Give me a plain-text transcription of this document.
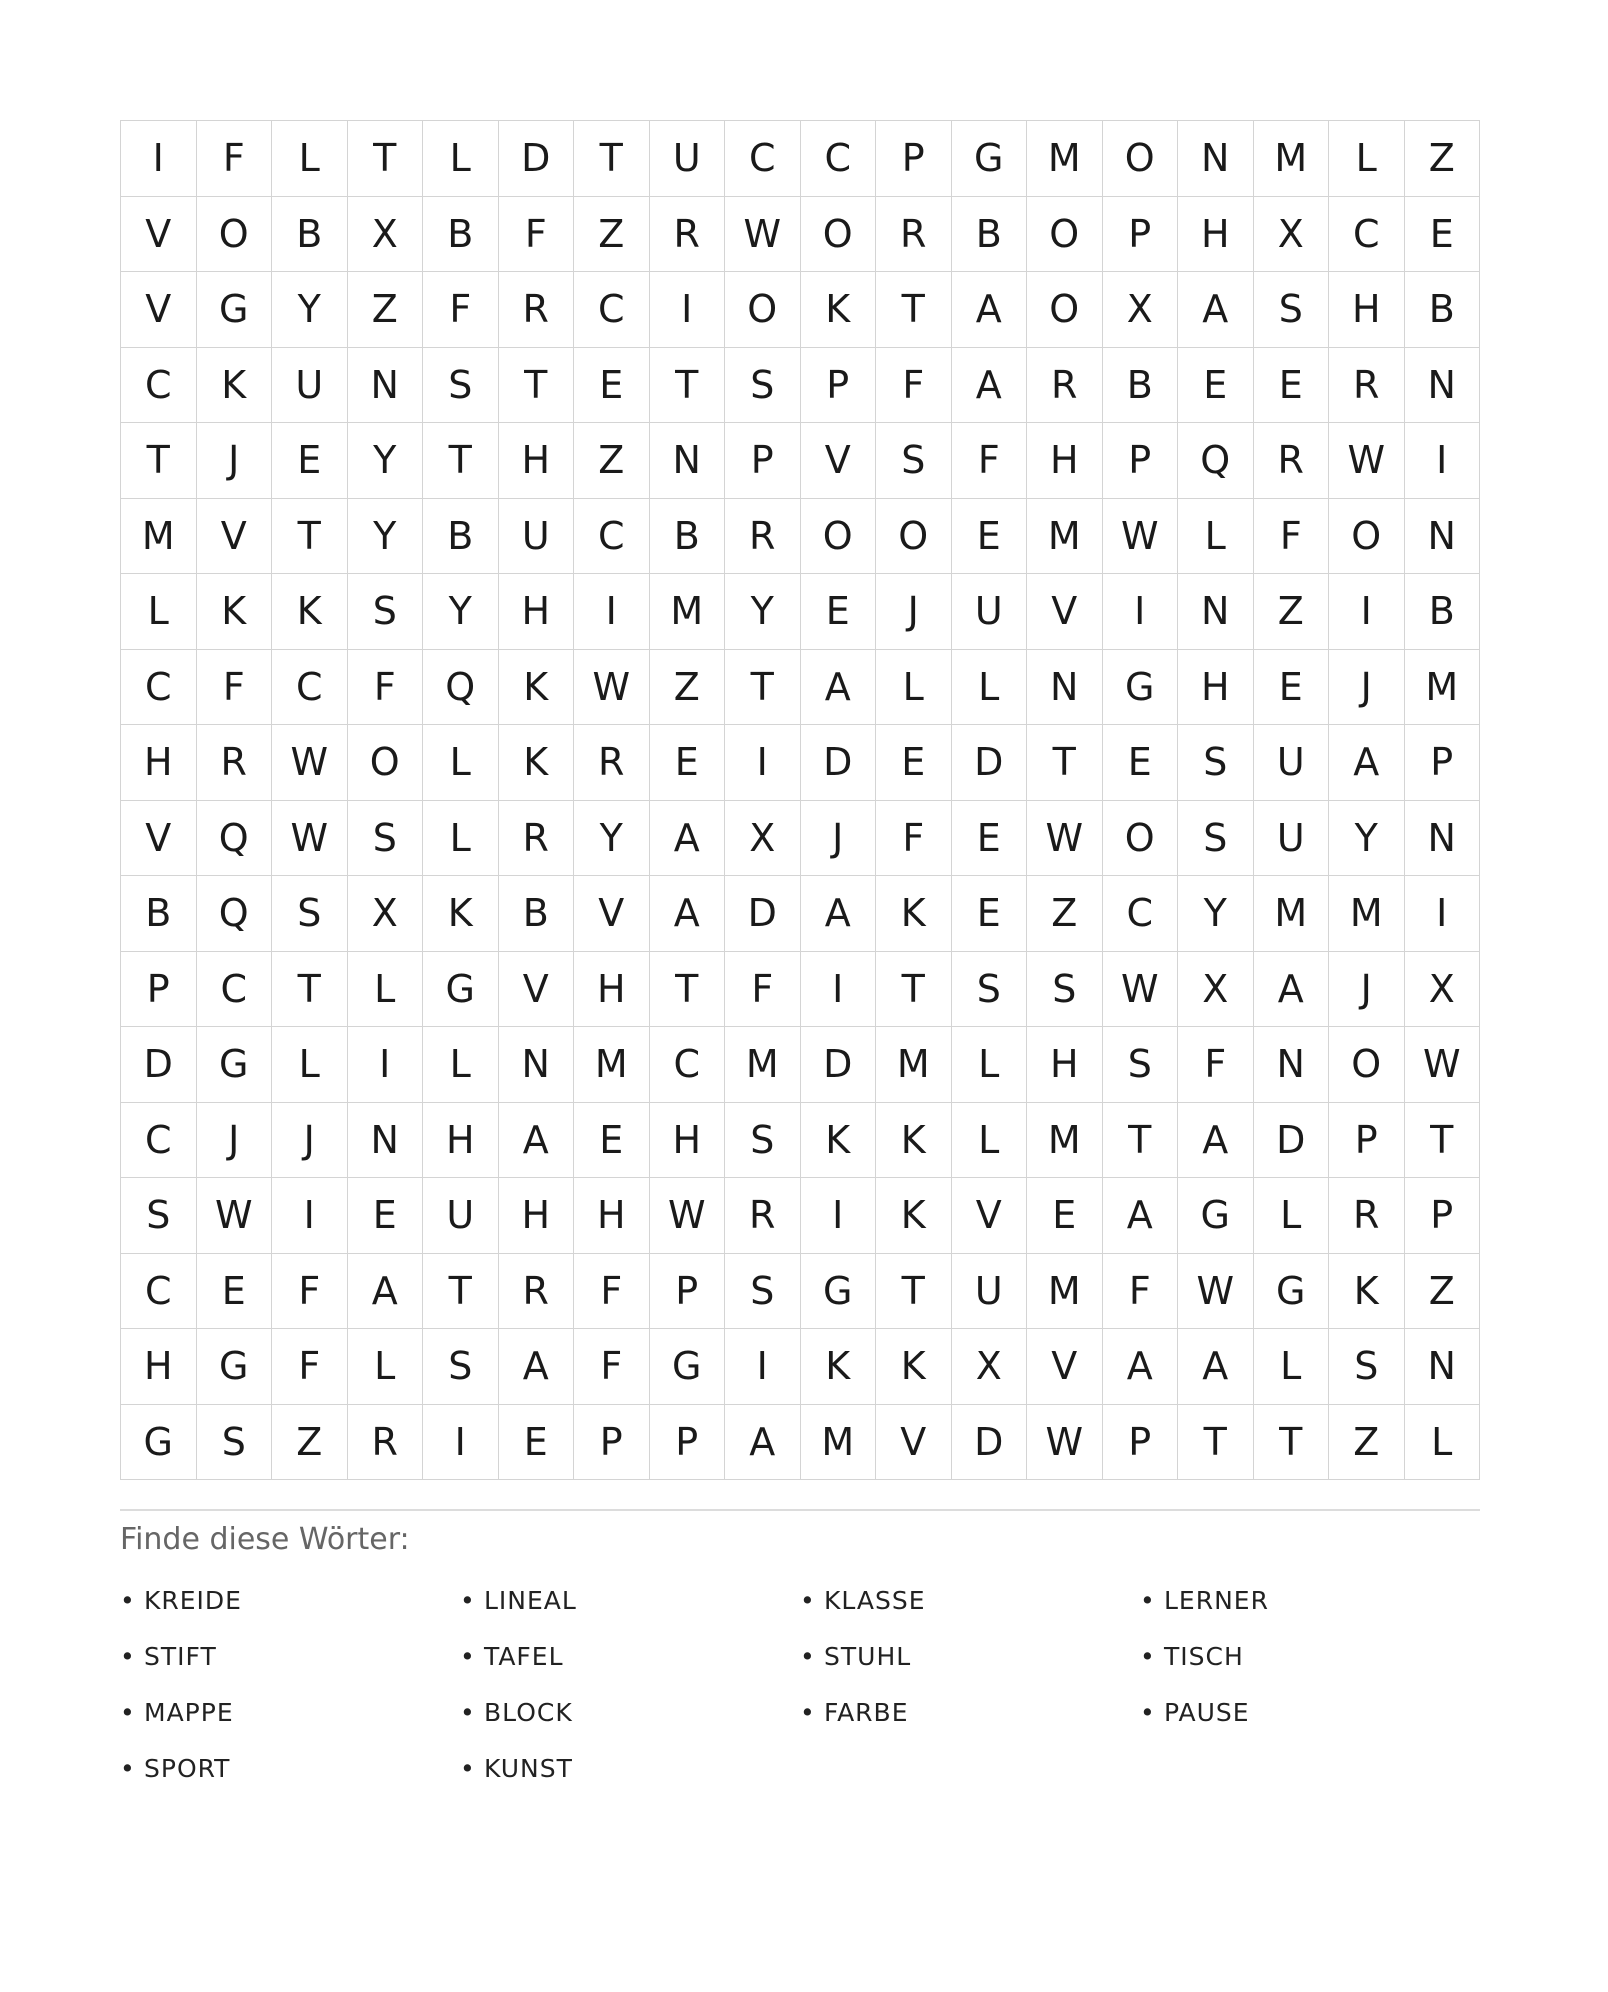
I	F	L	T	L	D	T	U	C	C	P	G	M	O	N	M	L	Z
V	O	B	X	B	F	Z	R	W	O	R	B	O	P	H	X	C	E
V	G	Y	Z	F	R	C	I	O	K	T	A	O	X	A	S	H	B
C	K	U	N	S	T	E	T	S	P	F	A	R	B	E	E	R	N
T	J	E	Y	T	H	Z	N	P	V	S	F	H	P	Q	R	W	I
M	V	T	Y	B	U	C	B	R	O	O	E	M	W	L	F	O	N
L	K	K	S	Y	H	I	M	Y	E	J	U	V	I	N	Z	I	B
C	F	C	F	Q	K	W	Z	T	A	L	L	N	G	H	E	J	M
H	R	W	O	L	K	R	E	I	D	E	D	T	E	S	U	A	P
V	Q	W	S	L	R	Y	A	X	J	F	E	W	O	S	U	Y	N
B	Q	S	X	K	B	V	A	D	A	K	E	Z	C	Y	M	M	I
P	C	T	L	G	V	H	T	F	I	T	S	S	W	X	A	J	X
D	G	L	I	L	N	M	C	M	D	M	L	H	S	F	N	O	W
C	J	J	N	H	A	E	H	S	K	K	L	M	T	A	D	P	T
S	W	I	E	U	H	H	W	R	I	K	V	E	A	G	L	R	P
C	E	F	A	T	R	F	P	S	G	T	U	M	F	W	G	K	Z
H	G	F	L	S	A	F	G	I	K	K	X	V	A	A	L	S	N
G	S	Z	R	I	E	P	P	A	M	V	D	W	P	T	T	Z	L
Finde diese Wörter:
• KREIDE	• LINEAL	• KLASSE	• LERNER
• STIFT	• TAFEL	• STUHL	• TISCH
• MAPPE	• BLOCK	• FARBE	• PAUSE
• SPORT	• KUNST
